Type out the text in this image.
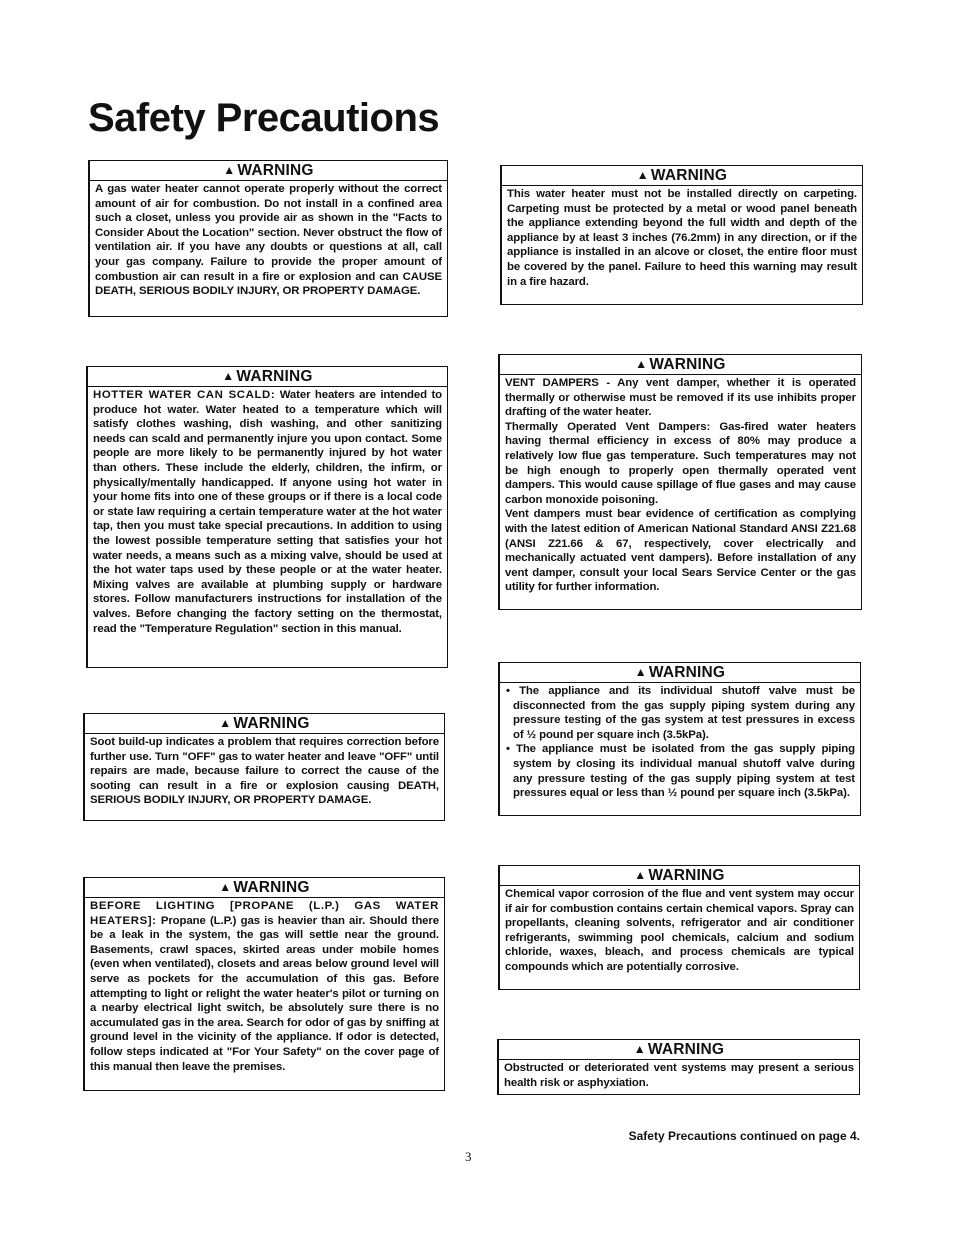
Safety Precautions
▲ WARNING

A gas water heater cannot operate properly without the correct amount of air for combustion. Do not install in a confined area such a closet, unless you provide air as shown in the "Facts to Consider About the Location" section. Never obstruct the flow of ventilation air. If you have any doubts or questions at all, call your gas company. Failure to provide the proper amount of combustion air can result in a fire or explosion and can CAUSE DEATH, SERIOUS BODILY INJURY, OR PROPERTY DAMAGE.

▲ WARNING

HOTTER WATER CAN SCALD: Water heaters are intended to produce hot water. Water heated to a temperature which will satisfy clothes washing, dish washing, and other sanitizing needs can scald and permanently injure you upon contact. Some people are more likely to be permanently injured by hot water than others. These include the elderly, children, the infirm, or physically/mentally handicapped. If anyone using hot water in your home fits into one of these groups or if there is a local code or state law requiring a certain temperature water at the hot water tap, then you must take special precautions. In addition to using the lowest possible temperature setting that satisfies your hot water needs, a means such as a mixing valve, should be used at the hot water taps used by these people or at the water heater. Mixing valves are available at plumbing supply or hardware stores. Follow manufacturers instructions for installation of the valves. Before changing the factory setting on the thermostat, read the "Temperature Regulation" section in this manual.

▲ WARNING

Soot build-up indicates a problem that requires correction before further use. Turn "OFF" gas to water heater and leave "OFF" until repairs are made, because failure to correct the cause of the sooting can result in a fire or explosion causing DEATH, SERIOUS BODILY INJURY, OR PROPERTY DAMAGE.

▲ WARNING

BEFORE LIGHTING [PROPANE (L.P.) GAS WATER HEATERS]: Propane (L.P.) gas is heavier than air. Should there be a leak in the system, the gas will settle near the ground. Basements, crawl spaces, skirted areas under mobile homes (even when ventilated), closets and areas below ground level will serve as pockets for the accumulation of this gas. Before attempting to light or relight the water heater's pilot or turning on a nearby electrical light switch, be absolutely sure there is no accumulated gas in the area. Search for odor of gas by sniffing at ground level in the vicinity of the appliance. If odor is detected, follow steps indicated at "For Your Safety" on the cover page of this manual then leave the premises.

▲ WARNING

This water heater must not be installed directly on carpeting. Carpeting must be protected by a metal or wood panel beneath the appliance extending beyond the full width and depth of the appliance by at least 3 inches (76.2mm) in any direction, or if the appliance is installed in an alcove or closet, the entire floor must be covered by the panel. Failure to heed this warning may result in a fire hazard.

▲ WARNING

VENT DAMPERS - Any vent damper, whether it is operated thermally or otherwise must be removed if its use inhibits proper drafting of the water heater.

Thermally Operated Vent Dampers: Gas-fired water heaters having thermal efficiency in excess of 80% may produce a relatively low flue gas temperature. Such temperatures may not be high enough to properly open thermally operated vent dampers. This would cause spillage of flue gases and may cause carbon monoxide poisoning.

Vent dampers must bear evidence of certification as complying with the latest edition of American National Standard ANSI Z21.68 (ANSI Z21.66 & 67, respectively, cover electrically and mechanically actuated vent dampers). Before installation of any vent damper, consult your local Sears Service Center or the gas utility for further information.

▲ WARNING
• The appliance and its individual shutoff valve must be disconnected from the gas supply piping system during any pressure testing of the gas system at test pressures in excess of ½ pound per square inch (3.5kPa).
• The appliance must be isolated from the gas supply piping system by closing its individual manual shutoff valve during any pressure testing of the gas supply piping system at test pressures equal or less than ½ pound per square inch (3.5kPa).
▲ WARNING

Chemical vapor corrosion of the flue and vent system may occur if air for combustion contains certain chemical vapors. Spray can propellants, cleaning solvents, refrigerator and air conditioner refrigerants, swimming pool chemicals, calcium and sodium chloride, waxes, bleach, and process chemicals are typical compounds which are potentially corrosive.

▲ WARNING

Obstructed or deteriorated vent systems may present a serious health risk or asphyxiation.

Safety Precautions continued on page 4.
3
